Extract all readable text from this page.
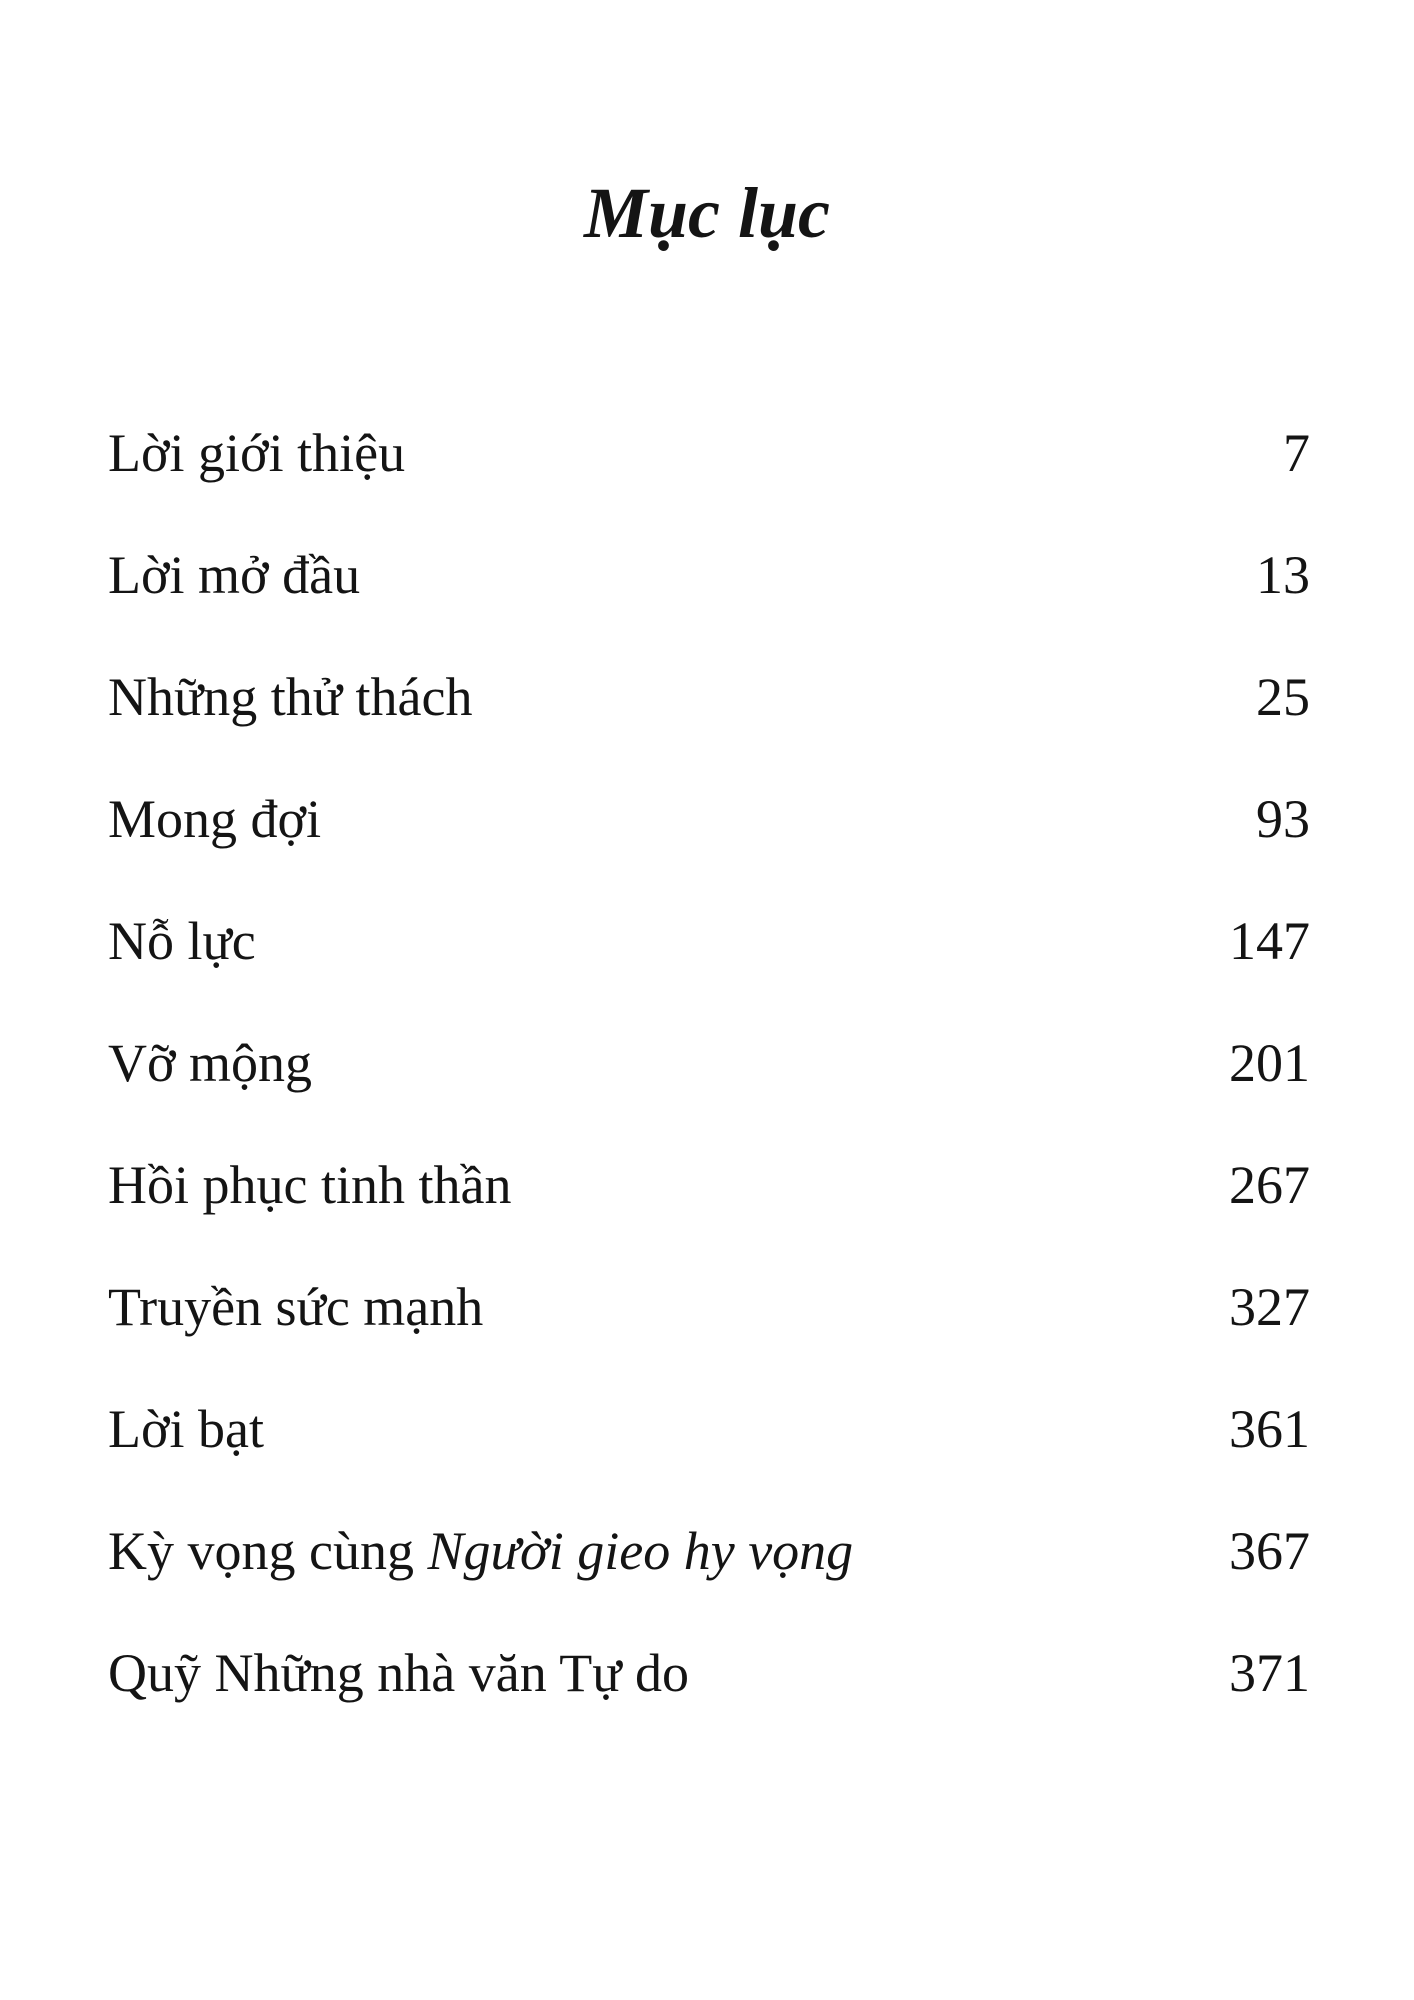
Mục lục
Lời giới thiệu	7
Lời mở đầu	13
Những thử thách	25
Mong đợi	93
Nỗ lực	147
Vỡ mộng	201
Hồi phục tinh thần	267
Truyền sức mạnh	327
Lời bạt	361
Kỳ vọng cùng Người gieo hy vọng	367
Quỹ Những nhà văn Tự do	371
